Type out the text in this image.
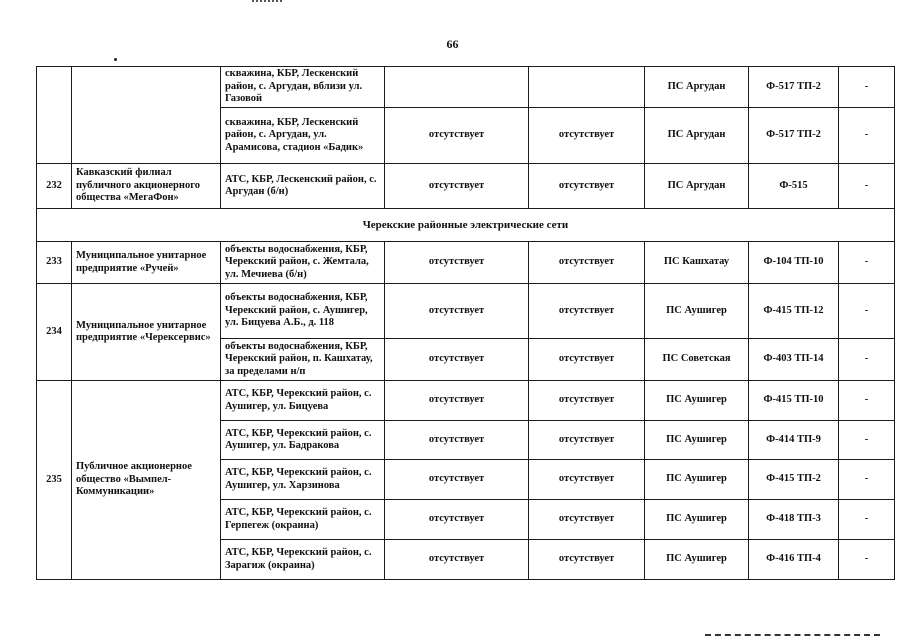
66
		скважина, КБР, Лескенский район, с. Аргудан, вблизи ул. Газовой			ПС Аргудан	Ф-517 ТП-2	-
		скважина, КБР, Лескенский район, с. Аргудан, ул. Арамисова, стадион «Бадик»	отсутствует	отсутствует	ПС Аргудан	Ф-517 ТП-2	-
232	Кавказский филиал публичного акционерного общества «МегаФон»	АТС, КБР, Лескенский район, с. Аргудан (б/н)	отсутствует	отсутствует	ПС Аргудан	Ф-515	-
Черекские районные электрические сети							
233	Муниципальное унитарное предприятие «Ручей»	объекты водоснабжения, КБР, Черекский район, с. Жемтала, ул. Мечиева (б/н)	отсутствует	отсутствует	ПС Кашхатау	Ф-104 ТП-10	-
234	Муниципальное унитарное предприятие «Черексервис»	объекты водоснабжения, КБР, Черекский район, с. Аушигер, ул. Бицуева А.Б., д. 118	отсутствует	отсутствует	ПС Аушигер	Ф-415 ТП-12	-
		объекты водоснабжения, КБР, Черекский район, п. Кашхатау, за пределами н/п	отсутствует	отсутствует	ПС Советская	Ф-403 ТП-14	-
235	Публичное акционерное общество «Вымпел-Коммуникации»	АТС, КБР, Черекский район, с. Аушигер, ул. Бицуева	отсутствует	отсутствует	ПС Аушигер	Ф-415 ТП-10	-
		АТС, КБР, Черекский район, с. Аушигер, ул. Бадракова	отсутствует	отсутствует	ПС Аушигер	Ф-414 ТП-9	-
		АТС, КБР, Черекский район, с. Аушигер, ул. Харзинова	отсутствует	отсутствует	ПС Аушигер	Ф-415 ТП-2	-
		АТС, КБР, Черекский район, с. Герпегеж (окраина)	отсутствует	отсутствует	ПС Аушигер	Ф-418 ТП-3	-
		АТС, КБР, Черекский район, с. Зарагиж (окраина)	отсутствует	отсутствует	ПС Аушигер	Ф-416 ТП-4	-
